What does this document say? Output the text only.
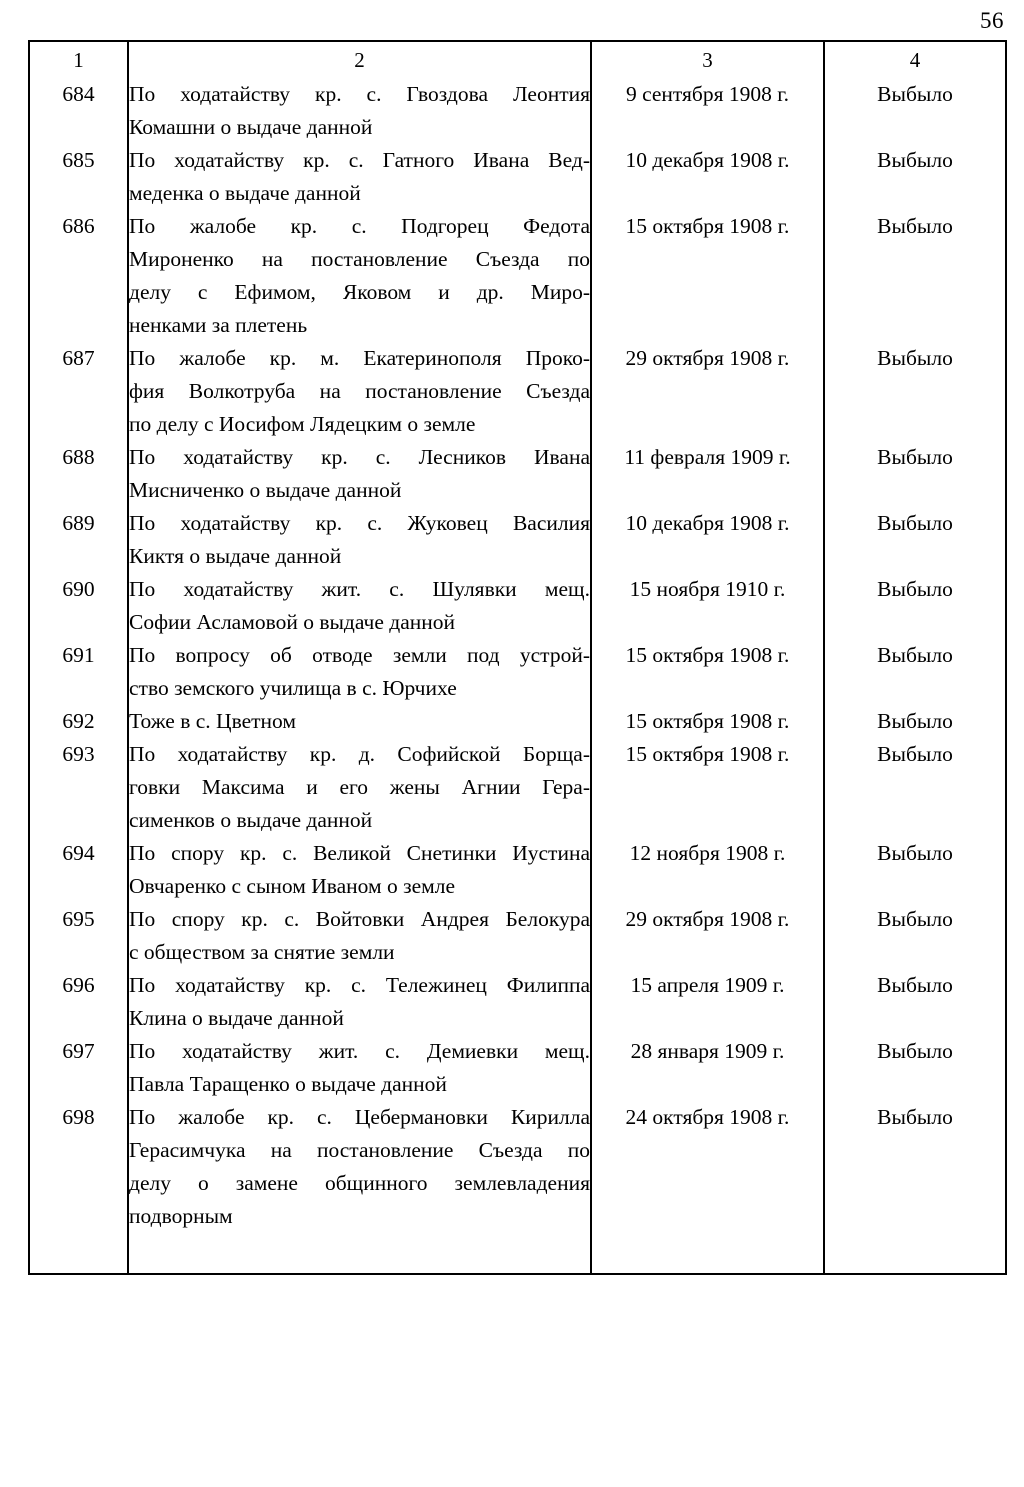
56
1	2	3	4
684	По ходатайству кр. с. Гвоздова Леонтия
Комашни о выдаче данной	9 сентября 1908 г.	Выбыло
685	По ходатайству кр. с. Гатного Ивана Вед-
меденка о выдаче данной	10 декабря 1908 г.	Выбыло
686	По жалобе кр. с. Подгорец Федота
Мироненко на постановление Съезда по
делу с Ефимом, Яковом и др. Миро-
ненками за плетень	15 октября 1908 г.	Выбыло
687	По жалобе кр. м. Екатеринополя Проко-
фия Волкотруба на постановление Съезда
по делу с Иосифом Лядецким о земле	29 октября 1908 г.	Выбыло
688	По ходатайству кр. с. Лесников Ивана
Мисниченко о выдаче данной	11 февраля 1909 г.	Выбыло
689	По ходатайству кр. с. Жуковец Василия
Киктя о выдаче данной	10 декабря 1908 г.	Выбыло
690	По ходатайству жит. с. Шулявки мещ.
Софии Асламовой о выдаче данной	15 ноября 1910 г.	Выбыло
691	По вопросу об отводе земли под устрой-
ство земского училища в с. Юрчихе	15 октября 1908 г.	Выбыло
692	Тоже в с. Цветном	15 октября 1908 г.	Выбыло
693	По ходатайству кр. д. Софийской Борща-
говки Максима и его жены Агнии Гера-
сименков о выдаче данной	15 октября 1908 г.	Выбыло
694	По спору кр. с. Великой Снетинки Иустина
Овчаренко с сыном Иваном о земле	12 ноября 1908 г.	Выбыло
695	По спору кр. с. Войтовки Андрея Белокура
с обществом за снятие земли	29 октября 1908 г.	Выбыло
696	По ходатайству кр. с. Тележинец Филиппа
Клина о выдаче данной	15 апреля 1909 г.	Выбыло
697	По ходатайству жит. с. Демиевки мещ.
Павла Таращенко о выдаче данной	28 января 1909 г.	Выбыло
698	По жалобе кр. с. Цебермановки Кирилла
Герасимчука на постановление Съезда по
делу о замене общинного землевладения
подворным	24 октября 1908 г.	Выбыло
